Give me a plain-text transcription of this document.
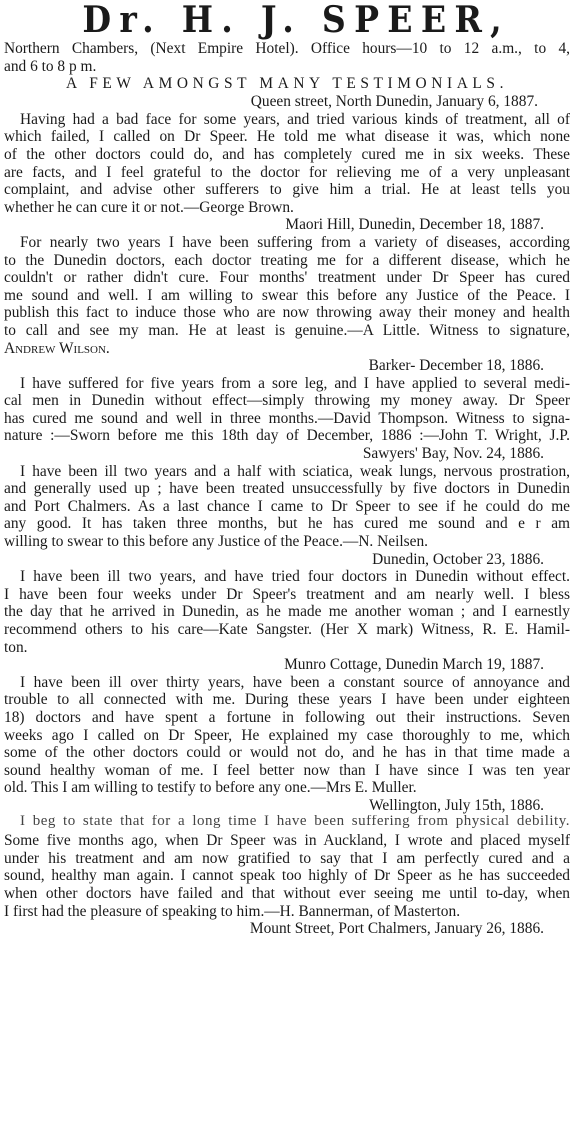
Dr. H. J. SPEER,
Northern Chambers, (Next Empire Hotel). Office hours—10 to 12 a.m., to 4,
and 6 to 8 p m.
A FEW AMONGST MANY TESTIMONIALS.
Queen street, North Dunedin, January 6, 1887.
Having had a bad face for some years, and tried various kinds of treatment, all of
which failed, I called on Dr Speer. He told me what disease it was, which none
of the other doctors could do, and has completely cured me in six weeks. These
are facts, and I feel grateful to the doctor for relieving me of a very unpleasant
complaint, and advise other sufferers to give him a trial. He at least tells you
whether he can cure it or not.—George Brown.
Maori Hill, Dunedin, December 18, 1887.
For nearly two years I have been suffering from a variety of diseases, according
to the Dunedin doctors, each doctor treating me for a different disease, which he
couldn't or rather didn't cure. Four months' treatment under Dr Speer has cured
me sound and well. I am willing to swear this before any Justice of the Peace. I
publish this fact to induce those who are now throwing away their money and health
to call and see my man. He at least is genuine.—A Little. Witness to signature,
Andrew Wilson.
Barker- December 18, 1886.
I have suffered for five years from a sore leg, and I have applied to several medi-
cal men in Dunedin without effect—simply throwing my money away. Dr Speer
has cured me sound and well in three months.—David Thompson. Witness to signa-
nature :—Sworn before me this 18th day of December, 1886 :—John T. Wright, J.P.
Sawyers' Bay, Nov. 24, 1886.
I have been ill two years and a half with sciatica, weak lungs, nervous prostration,
and generally used up ; have been treated unsuccessfully by five doctors in Dunedin
and Port Chalmers. As a last chance I came to Dr Speer to see if he could do me
any good. It has taken three months, but he has cured me sound and e r am
willing to swear to this before any Justice of the Peace.—N. Neilsen.
Dunedin, October 23, 1886.
I have been ill two years, and have tried four doctors in Dunedin without effect.
I have been four weeks under Dr Speer's treatment and am nearly well. I bless
the day that he arrived in Dunedin, as he made me another woman ; and I earnestly
recommend others to his care—Kate Sangster. (Her X mark) Witness, R. E. Hamil-
ton.
Munro Cottage, Dunedin March 19, 1887.
I have been ill over thirty years, have been a constant source of annoyance and
trouble to all connected with me. During these years I have been under eighteen
18) doctors and have spent a fortune in following out their instructions. Seven
weeks ago I called on Dr Speer, He explained my case thoroughly to me, which
some of the other doctors could or would not do, and he has in that time made a
sound healthy woman of me. I feel better now than I have since I was ten year
old. This I am willing to testify to before any one.—Mrs E. Muller.
Wellington, July 15th, 1886.
I beg to state that for a long time I have been suffering from physical debility.
Some five months ago, when Dr Speer was in Auckland, I wrote and placed myself
under his treatment and am now gratified to say that I am perfectly cured and a
sound, healthy man again. I cannot speak too highly of Dr Speer as he has succeeded
when other doctors have failed and that without ever seeing me until to-day, when
I first had the pleasure of speaking to him.—H. Bannerman, of Masterton.
Mount Street, Port Chalmers, January 26, 1886.
